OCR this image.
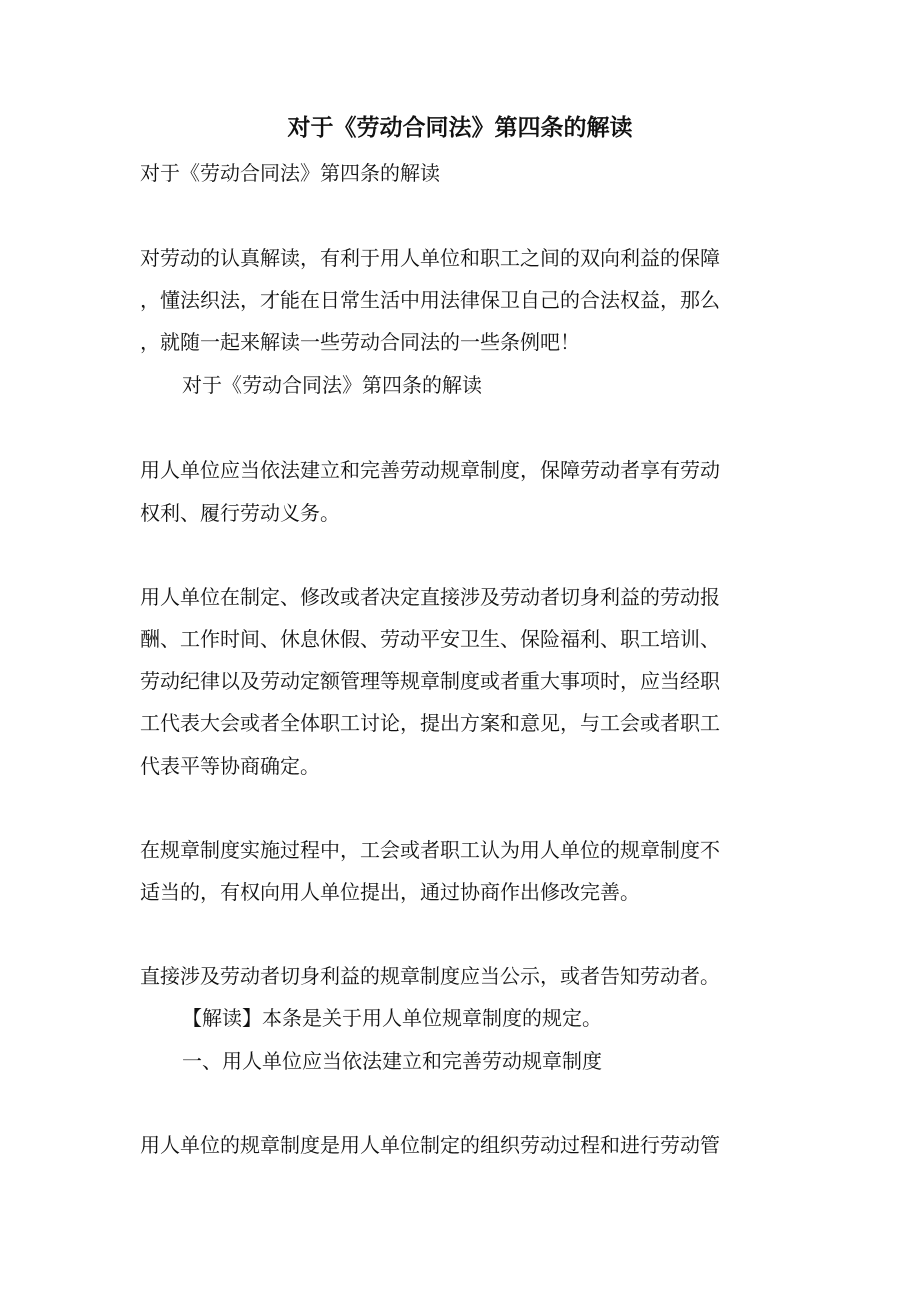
对于《劳动合同法》第四条的解读
对于《劳动合同法》第四条的解读
对劳动的认真解读，有利于用人单位和职工之间的双向利益的保障
，懂法织法，才能在日常生活中用法律保卫自己的合法权益，那么
，就随一起来解读一些劳动合同法的一些条例吧！
对于《劳动合同法》第四条的解读
用人单位应当依法建立和完善劳动规章制度，保障劳动者享有劳动
权利、履行劳动义务。
用人单位在制定、修改或者决定直接涉及劳动者切身利益的劳动报
酬、工作时间、休息休假、劳动平安卫生、保险福利、职工培训、
劳动纪律以及劳动定额管理等规章制度或者重大事项时，应当经职
工代表大会或者全体职工讨论，提出方案和意见，与工会或者职工
代表平等协商确定。
在规章制度实施过程中，工会或者职工认为用人单位的规章制度不
适当的，有权向用人单位提出，通过协商作出修改完善。
直接涉及劳动者切身利益的规章制度应当公示，或者告知劳动者。
【解读】本条是关于用人单位规章制度的规定。
一、用人单位应当依法建立和完善劳动规章制度
用人单位的规章制度是用人单位制定的组织劳动过程和进行劳动管
